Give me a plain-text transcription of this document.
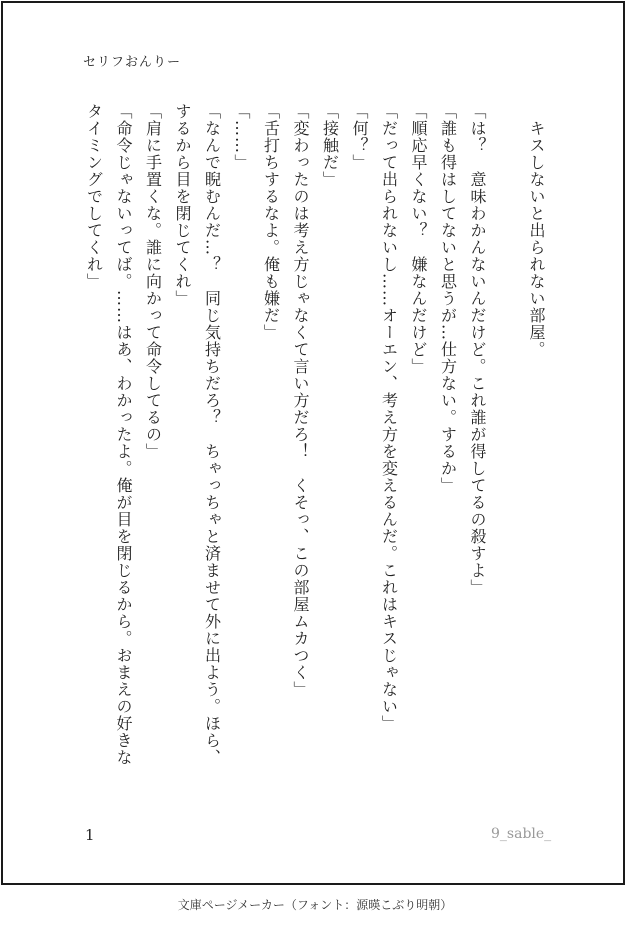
セリフおんりー
　キスしないと出られない部屋。
「は？　意味わかんないんだけど。これ誰が得してるの殺すよ」
「誰も得はしてないと思うが…仕方ない。するか」
「順応早くない？　嫌なんだけど」
「だって出られないし……オーエン、考え方を変えるんだ。これはキスじゃない」
「何？」
「接触だ」
「変わったのは考え方じゃなくて言い方だろ！　くそっ、この部屋ムカつく」
「舌打ちするなよ。俺も嫌だ」
「……」
「なんで睨むんだ…？　同じ気持ちだろ？　ちゃっちゃと済ませて外に出よう。ほら、
するから目を閉じてくれ」
「肩に手置くな。誰に向かって命令してるの」
「命令じゃないってば。……はあ、わかったよ。俺が目を閉じるから。おまえの好きな
タイミングでしてくれ」
1	9_sable_
文庫ページメーカー（フォント：源暎こぶり明朝）
